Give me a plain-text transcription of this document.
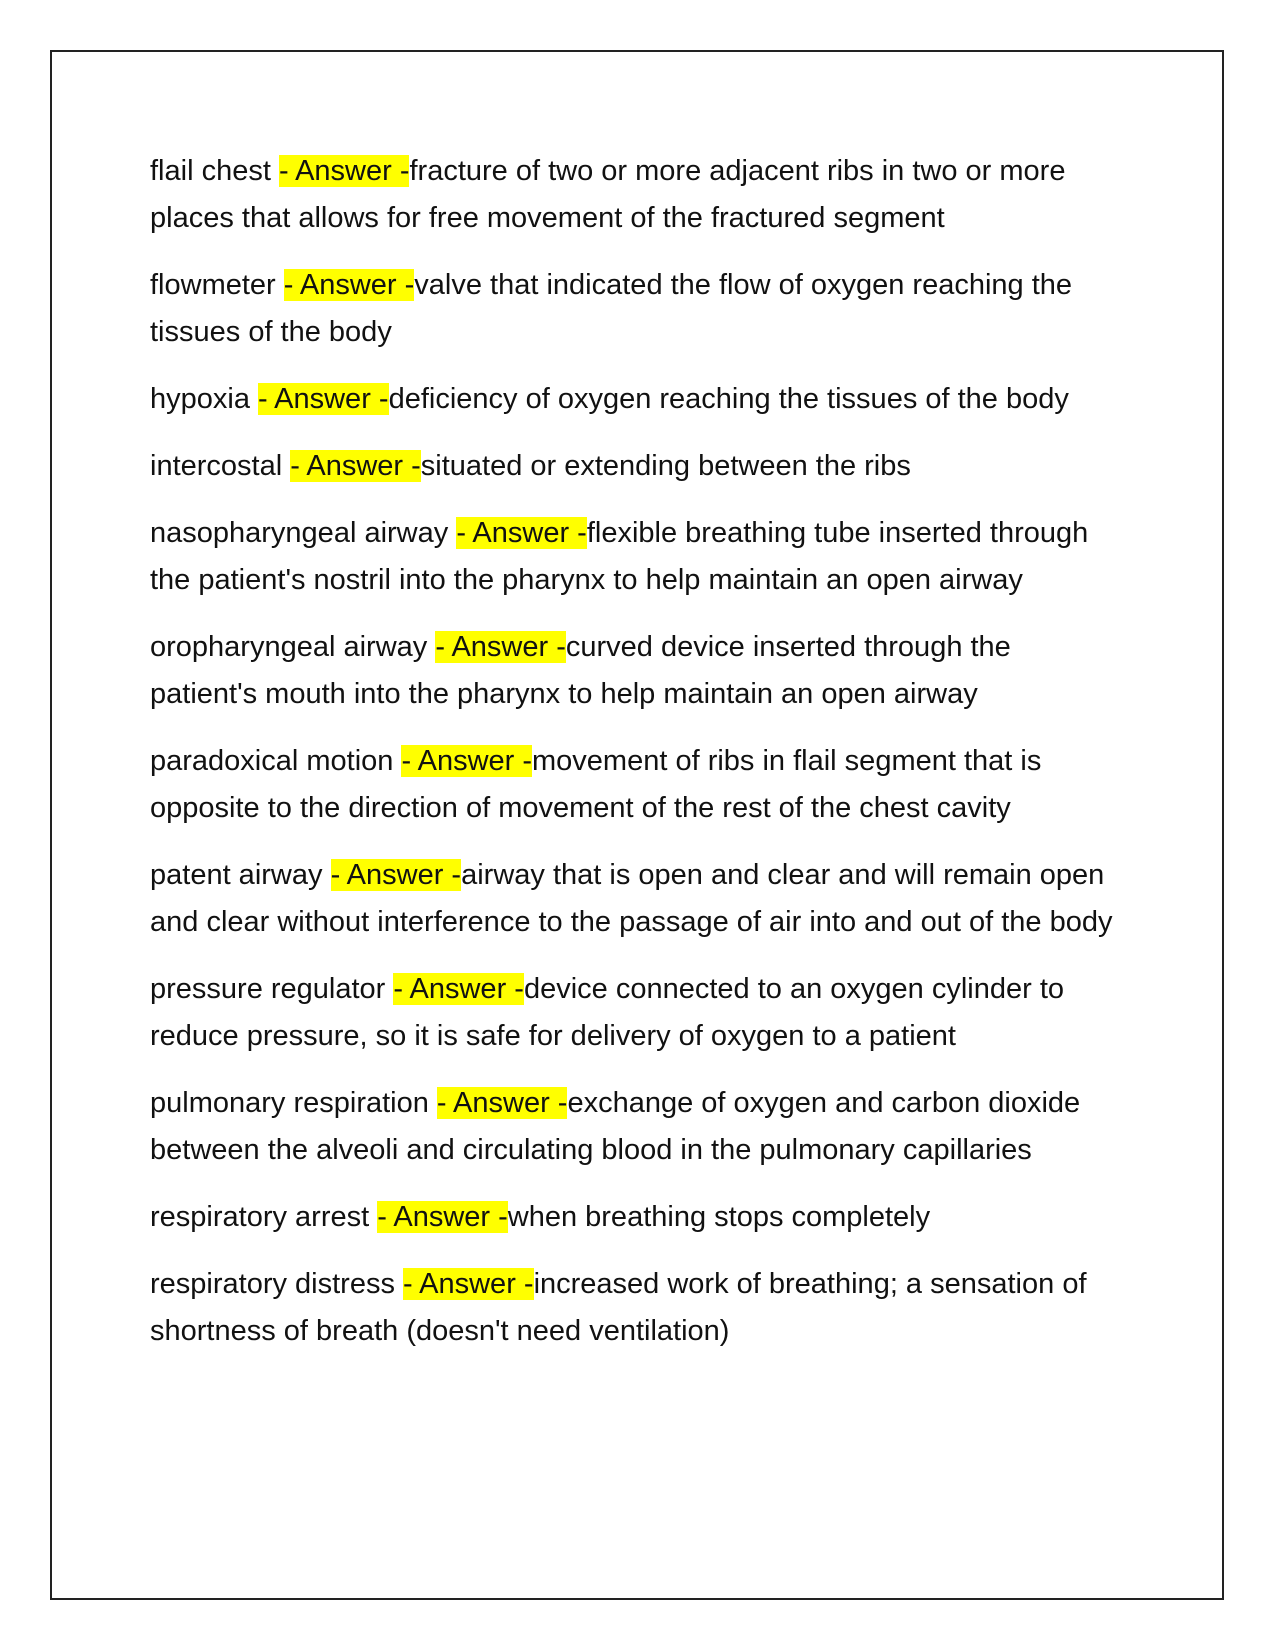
flail chest - Answer -fracture of two or more adjacent ribs in two or more places that allows for free movement of the fractured segment

flowmeter - Answer -valve that indicated the flow of oxygen reaching the tissues of the body

hypoxia - Answer -deficiency of oxygen reaching the tissues of the body

intercostal - Answer -situated or extending between the ribs

nasopharyngeal airway - Answer -flexible breathing tube inserted through the patient's nostril into the pharynx to help maintain an open airway

oropharyngeal airway - Answer -curved device inserted through the patient's mouth into the pharynx to help maintain an open airway

paradoxical motion - Answer -movement of ribs in flail segment that is opposite to the direction of movement of the rest of the chest cavity

patent airway - Answer -airway that is open and clear and will remain open and clear without interference to the passage of air into and out of the body

pressure regulator - Answer -device connected to an oxygen cylinder to reduce pressure, so it is safe for delivery of oxygen to a patient

pulmonary respiration - Answer -exchange of oxygen and carbon dioxide between the alveoli and circulating blood in the pulmonary capillaries

respiratory arrest - Answer -when breathing stops completely

respiratory distress - Answer -increased work of breathing; a sensation of shortness of breath (doesn't need ventilation)
